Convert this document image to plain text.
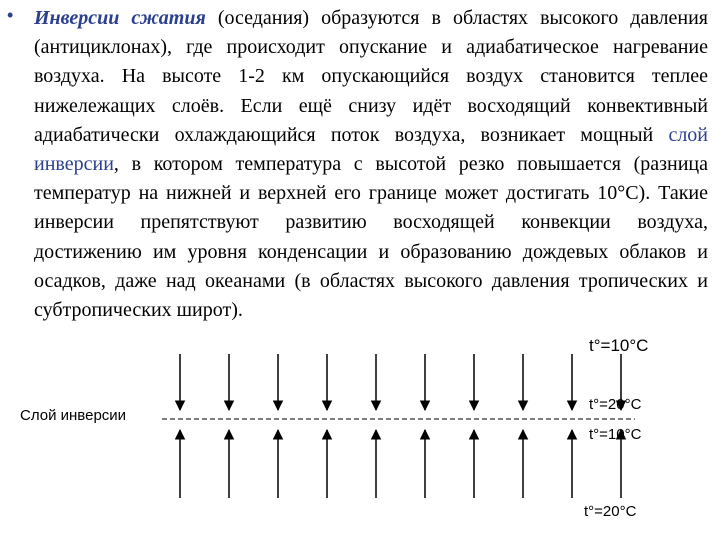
• Инверсии сжатия (оседания) образуются в областях высокого давления (антициклонах), где происходит опускание и адиабатическое нагревание воздуха. На высоте 1-2 км опускающийся воздух становится теплее нижележащих слоёв. Если ещё снизу идёт восходящий конвективный адиабатически охлаждающийся поток воздуха, возникает мощный слой инверсии, в котором температура с высотой резко повышается (разница температур на нижней и верхней его границе может достигать 10°С). Такие инверсии препятствуют развитию восходящей конвекции воздуха, достижению им уровня конденсации и образованию дождевых облаков и осадков, даже над океанами (в областях высокого давления тропических и субтропических широт).

Слой инверсии
t°=10°C
t°=20°C
t°=10°C
t°=20°C
